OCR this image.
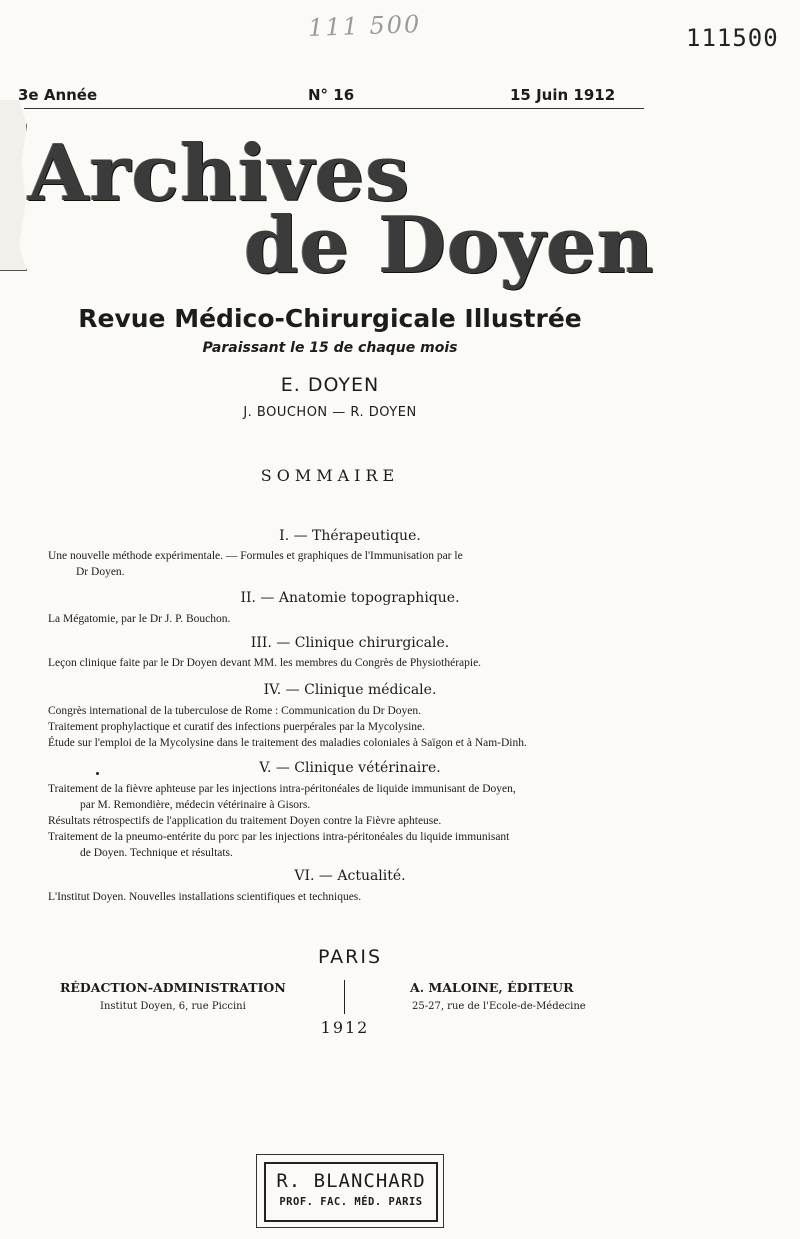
111 500	111500
3e Année	N° 16	15 Juin 1912
Archives
de Doyen
Revue Médico-Chirurgicale Illustrée
Paraissant le 15 de chaque mois
E. DOYEN
J. BOUCHON — R. DOYEN
SOMMAIRE
I. — Thérapeutique.
Une nouvelle méthode expérimentale. — Formules et graphiques de l'Immunisation par le
Dr Doyen.
II. — Anatomie topographique.
La Mégatomie, par le Dr J. P. Bouchon.
III. — Clinique chirurgicale.
Leçon clinique faite par le Dr Doyen devant MM. les membres du Congrès de Physiothérapie.
IV. — Clinique médicale.
Congrès international de la tuberculose de Rome : Communication du Dr Doyen.
Traitement prophylactique et curatif des infections puerpérales par la Mycolysine.
Étude sur l'emploi de la Mycolysine dans le traitement des maladies coloniales à Saïgon et à Nam-Dinh.
V. — Clinique vétérinaire.
Traitement de la fièvre aphteuse par les injections intra-péritonéales de liquide immunisant de Doyen,
par M. Remondière, médecin vétérinaire à Gisors.
Résultats rétrospectifs de l'application du traitement Doyen contre la Fièvre aphteuse.
Traitement de la pneumo-entérite du porc par les injections intra-péritonéales du liquide immunisant
de Doyen. Technique et résultats.
VI. — Actualité.
L'Institut Doyen. Nouvelles installations scientifiques et techniques.
PARIS
RÉDACTION-ADMINISTRATION
Institut Doyen, 6, rue Piccini
A. MALOINE, ÉDITEUR
25-27, rue de l'Ecole-de-Médecine
1912
R. BLANCHARD
PROF. FAC. MÉD. PARIS
